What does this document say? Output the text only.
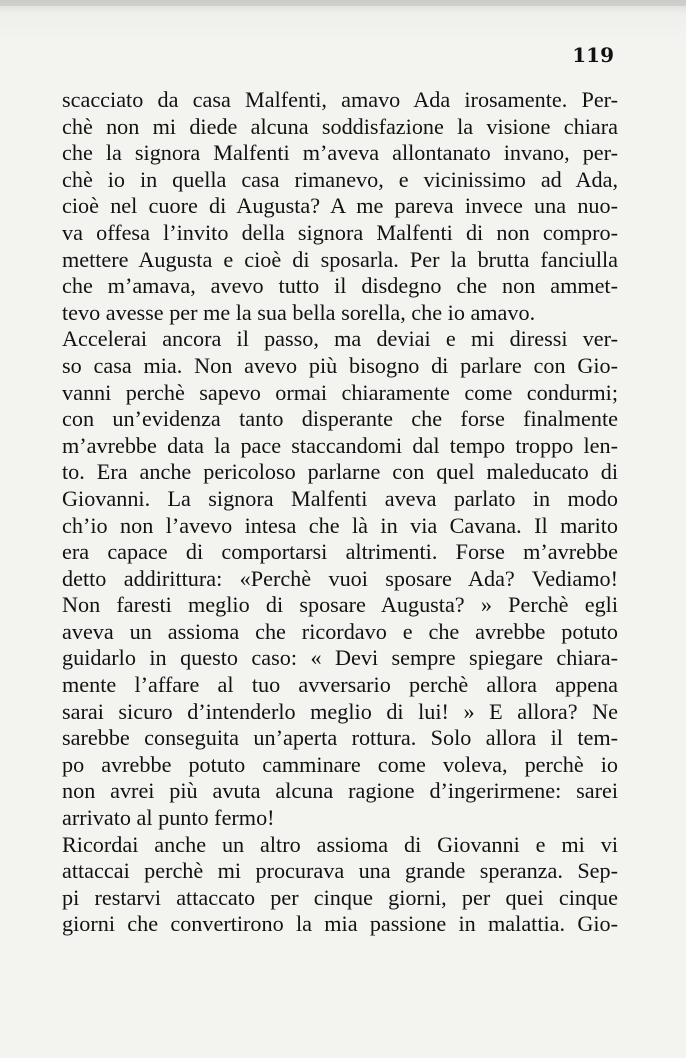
119
scacciato da casa Malfenti, amavo Ada irosamente. Per-
chè non mi diede alcuna soddisfazione la visione chiara
che la signora Malfenti m’aveva allontanato invano, per-
chè io in quella casa rimanevo, e vicinissimo ad Ada,
cioè nel cuore di Augusta? A me pareva invece una nuo-
va offesa l’invito della signora Malfenti di non compro-
mettere Augusta e cioè di sposarla. Per la brutta fanciulla
che m’amava, avevo tutto il disdegno che non ammet-
tevo avesse per me la sua bella sorella, che io amavo.
Accelerai ancora il passo, ma deviai e mi diressi ver-
so casa mia. Non avevo più bisogno di parlare con Gio-
vanni perchè sapevo ormai chiaramente come condurmi;
con un’evidenza tanto disperante che forse finalmente
m’avrebbe data la pace staccandomi dal tempo troppo len-
to. Era anche pericoloso parlarne con quel maleducato di
Giovanni. La signora Malfenti aveva parlato in modo
ch’io non l’avevo intesa che là in via Cavana. Il marito
era capace di comportarsi altrimenti. Forse m’avrebbe
detto addirittura: «Perchè vuoi sposare Ada? Vediamo!
Non faresti meglio di sposare Augusta? » Perchè egli
aveva un assioma che ricordavo e che avrebbe potuto
guidarlo in questo caso: « Devi sempre spiegare chiara-
mente l’affare al tuo avversario perchè allora appena
sarai sicuro d’intenderlo meglio di lui! » E allora? Ne
sarebbe conseguita un’aperta rottura. Solo allora il tem-
po avrebbe potuto camminare come voleva, perchè io
non avrei più avuta alcuna ragione d’ingerirmene: sarei
arrivato al punto fermo!
Ricordai anche un altro assioma di Giovanni e mi vi
attaccai perchè mi procurava una grande speranza. Sep-
pi restarvi attaccato per cinque giorni, per quei cinque
giorni che convertirono la mia passione in malattia. Gio-
